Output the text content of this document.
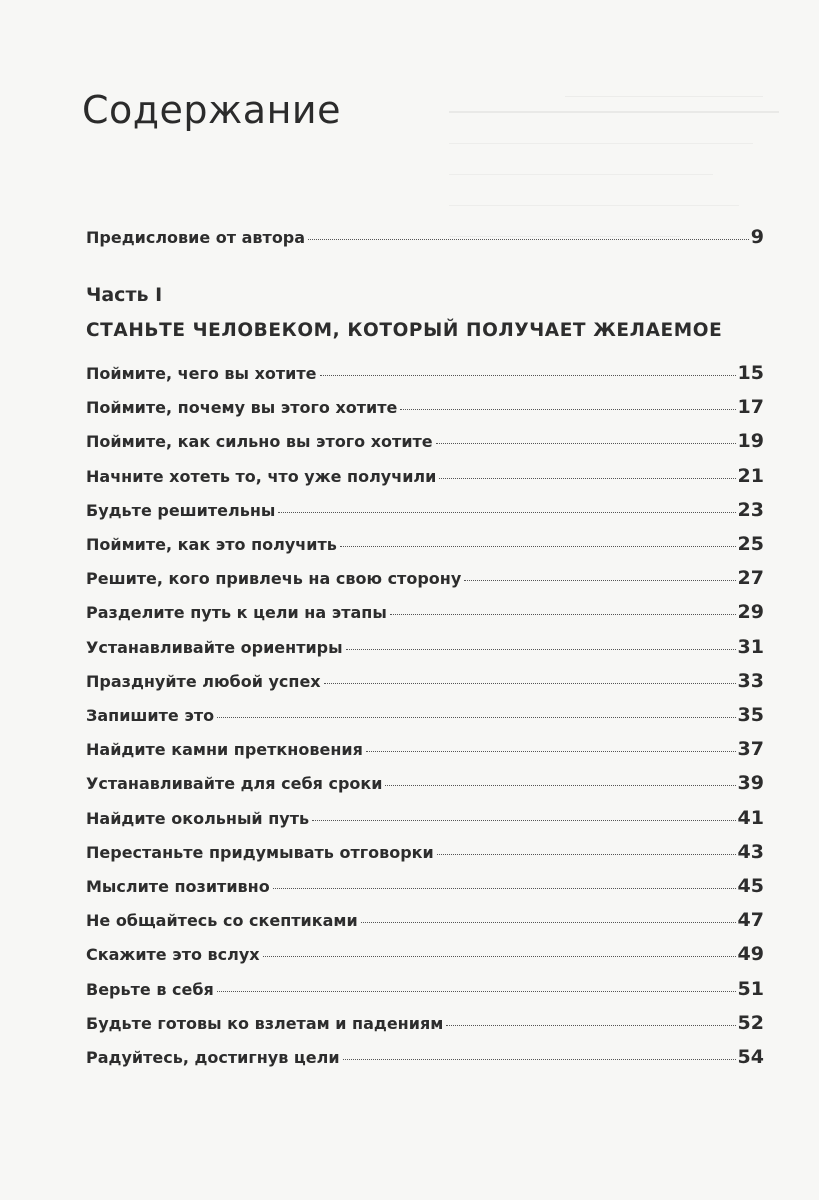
Содержание
Предисловие от автора	9
Часть I
СТАНЬТЕ ЧЕЛОВЕКОМ, КОТОРЫЙ ПОЛУЧАЕТ ЖЕЛАЕМОЕ
Поймите, чего вы хотите	15
Поймите, почему вы этого хотите	17
Поймите, как сильно вы этого хотите	19
Начните хотеть то, что уже получили	21
Будьте решительны	23
Поймите, как это получить	25
Решите, кого привлечь на свою сторону	27
Разделите путь к цели на этапы	29
Устанавливайте ориентиры	31
Празднуйте любой успех	33
Запишите это	35
Найдите камни преткновения	37
Устанавливайте для себя сроки	39
Найдите окольный путь	41
Перестаньте придумывать отговорки	43
Мыслите позитивно	45
Не общайтесь со скептиками	47
Скажите это вслух	49
Верьте в себя	51
Будьте готовы ко взлетам и падениям	52
Радуйтесь, достигнув цели	54
